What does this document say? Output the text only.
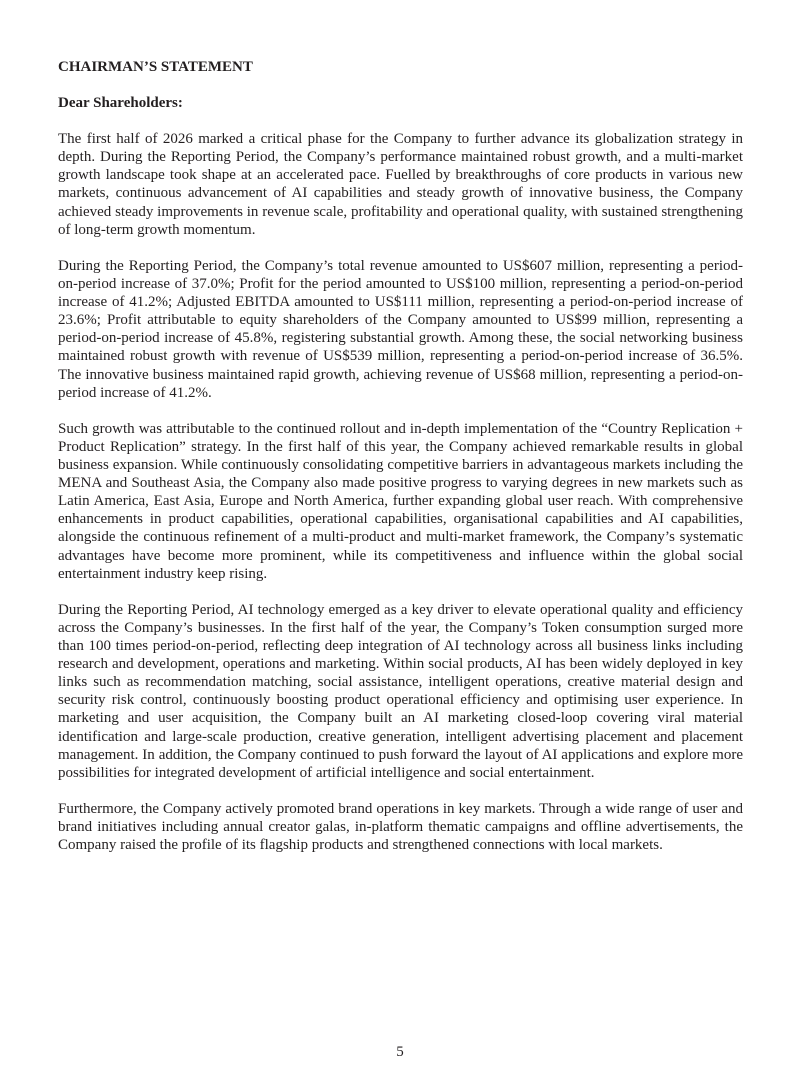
CHAIRMAN’S STATEMENT
Dear Shareholders:

The first half of 2026 marked a critical phase for the Company to further advance its globalization strategy in depth. During the Reporting Period, the Company’s performance maintained robust growth, and a multi-market growth landscape took shape at an accelerated pace. Fuelled by breakthroughs of core products in various new markets, continuous advancement of AI capabilities and steady growth of innovative business, the Company achieved steady improvements in revenue scale, profitability and operational quality, with sustained strengthening of long-term growth momentum.

During the Reporting Period, the Company’s total revenue amounted to US$607 million, representing a period-on-period increase of 37.0%; Profit for the period amounted to US$100 million, representing a period-on-period increase of 41.2%; Adjusted EBITDA amounted to US$111 million, representing a period-on-period increase of 23.6%; Profit attributable to equity shareholders of the Company amounted to US$99 million, representing a period-on-period increase of 45.8%, registering substantial growth. Among these, the social networking business maintained robust growth with revenue of US$539 million, representing a period-on-period increase of 36.5%. The innovative business maintained rapid growth, achieving revenue of US$68 million, representing a period-on-period increase of 41.2%.

Such growth was attributable to the continued rollout and in-depth implementation of the “Country Replication + Product Replication” strategy. In the first half of this year, the Company achieved remarkable results in global business expansion. While continuously consolidating competitive barriers in advantageous markets including the MENA and Southeast Asia, the Company also made positive progress to varying degrees in new markets such as Latin America, East Asia, Europe and North America, further expanding global user reach. With comprehensive enhancements in product capabilities, operational capabilities, organisational capabilities and AI capabilities, alongside the continuous refinement of a multi-product and multi-market framework, the Company’s systematic advantages have become more prominent, while its competitiveness and influence within the global social entertainment industry keep rising.

During the Reporting Period, AI technology emerged as a key driver to elevate operational quality and efficiency across the Company’s businesses. In the first half of the year, the Company’s Token consumption surged more than 100 times period-on-period, reflecting deep integration of AI technology across all business links including research and development, operations and marketing. Within social products, AI has been widely deployed in key links such as recommendation matching, social assistance, intelligent operations, creative material design and security risk control, continuously boosting product operational efficiency and optimising user experience. In marketing and user acquisition, the Company built an AI marketing closed-loop covering viral material identification and large-scale production, creative generation, intelligent advertising placement and placement management. In addition, the Company continued to push forward the layout of AI applications and explore more possibilities for integrated development of artificial intelligence and social entertainment.

Furthermore, the Company actively promoted brand operations in key markets. Through a wide range of user and brand initiatives including annual creator galas, in-platform thematic campaigns and offline advertisements, the Company raised the profile of its flagship products and strengthened connections with local markets.

5
